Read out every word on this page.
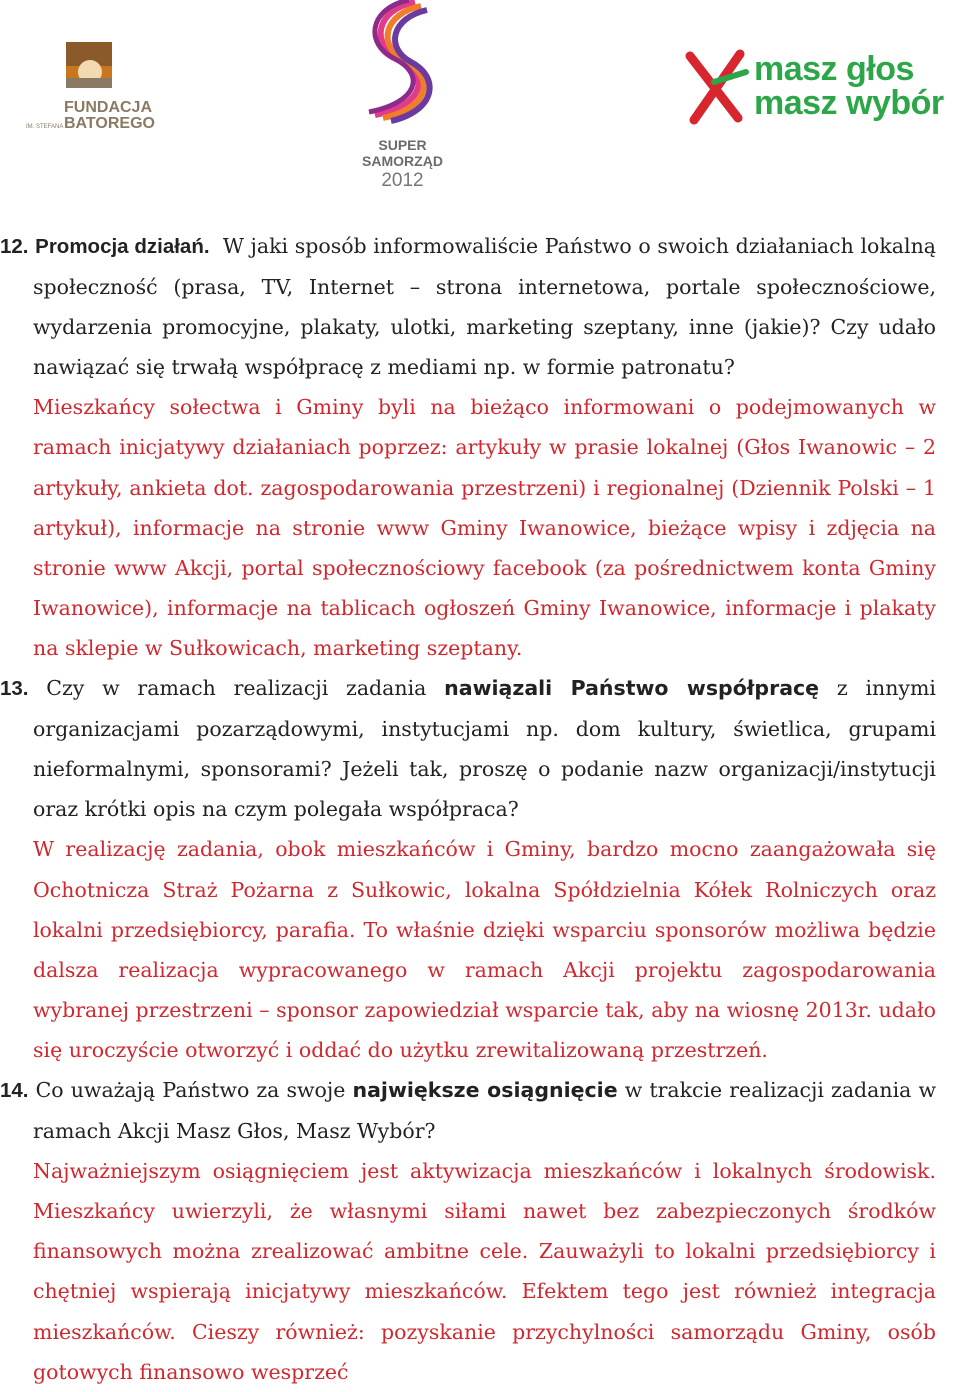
FUNDACJA
IM. STEFANA BATOREGO
SUPER
SAMORZĄD
2012
masz głos
masz wybór

12. Promocja działań. W jaki sposób informowaliście Państwo o swoich działaniach lokalną społeczność (prasa, TV, Internet – strona internetowa, portale społecznościowe, wydarzenia promocyjne, plakaty, ulotki, marketing szeptany, inne (jakie)? Czy udało nawiązać się trwałą współpracę z mediami np. w formie patronatu?

Mieszkańcy sołectwa i Gminy byli na bieżąco informowani o podejmowanych w ramach inicjatywy działaniach poprzez: artykuły w prasie lokalnej (Głos Iwanowic – 2 artykuły, ankieta dot. zagospodarowania przestrzeni) i regionalnej (Dziennik Polski – 1 artykuł), informacje na stronie www Gminy Iwanowice, bieżące wpisy i zdjęcia na stronie www Akcji, portal społecznościowy facebook (za pośrednictwem konta Gminy Iwanowice), informacje na tablicach ogłoszeń Gminy Iwanowice, informacje i plakaty na sklepie w Sułkowicach, marketing szeptany.

13. Czy w ramach realizacji zadania nawiązali Państwo współpracę z innymi organizacjami pozarządowymi, instytucjami np. dom kultury, świetlica, grupami nieformalnymi, sponsorami? Jeżeli tak, proszę o podanie nazw organizacji/instytucji oraz krótki opis na czym polegała współpraca?

W realizację zadania, obok mieszkańców i Gminy, bardzo mocno zaangażowała się Ochotnicza Straż Pożarna z Sułkowic, lokalna Spółdzielnia Kółek Rolniczych oraz lokalni przedsiębiorcy, parafia. To właśnie dzięki wsparciu sponsorów możliwa będzie dalsza realizacja wypracowanego w ramach Akcji projektu zagospodarowania wybranej przestrzeni – sponsor zapowiedział wsparcie tak, aby na wiosnę 2013r. udało się uroczyście otworzyć i oddać do użytku zrewitalizowaną przestrzeń.

14. Co uważają Państwo za swoje największe osiągnięcie w trakcie realizacji zadania w ramach Akcji Masz Głos, Masz Wybór?

Najważniejszym osiągnięciem jest aktywizacja mieszkańców i lokalnych środowisk. Mieszkańcy uwierzyli, że własnymi siłami nawet bez zabezpieczonych środków finansowych można zrealizować ambitne cele. Zauważyli to lokalni przedsiębiorcy i chętniej wspierają inicjatywy mieszkańców. Efektem tego jest również integracja mieszkańców. Cieszy również: pozyskanie przychylności samorządu Gminy, osób gotowych finansowo wesprzeć
